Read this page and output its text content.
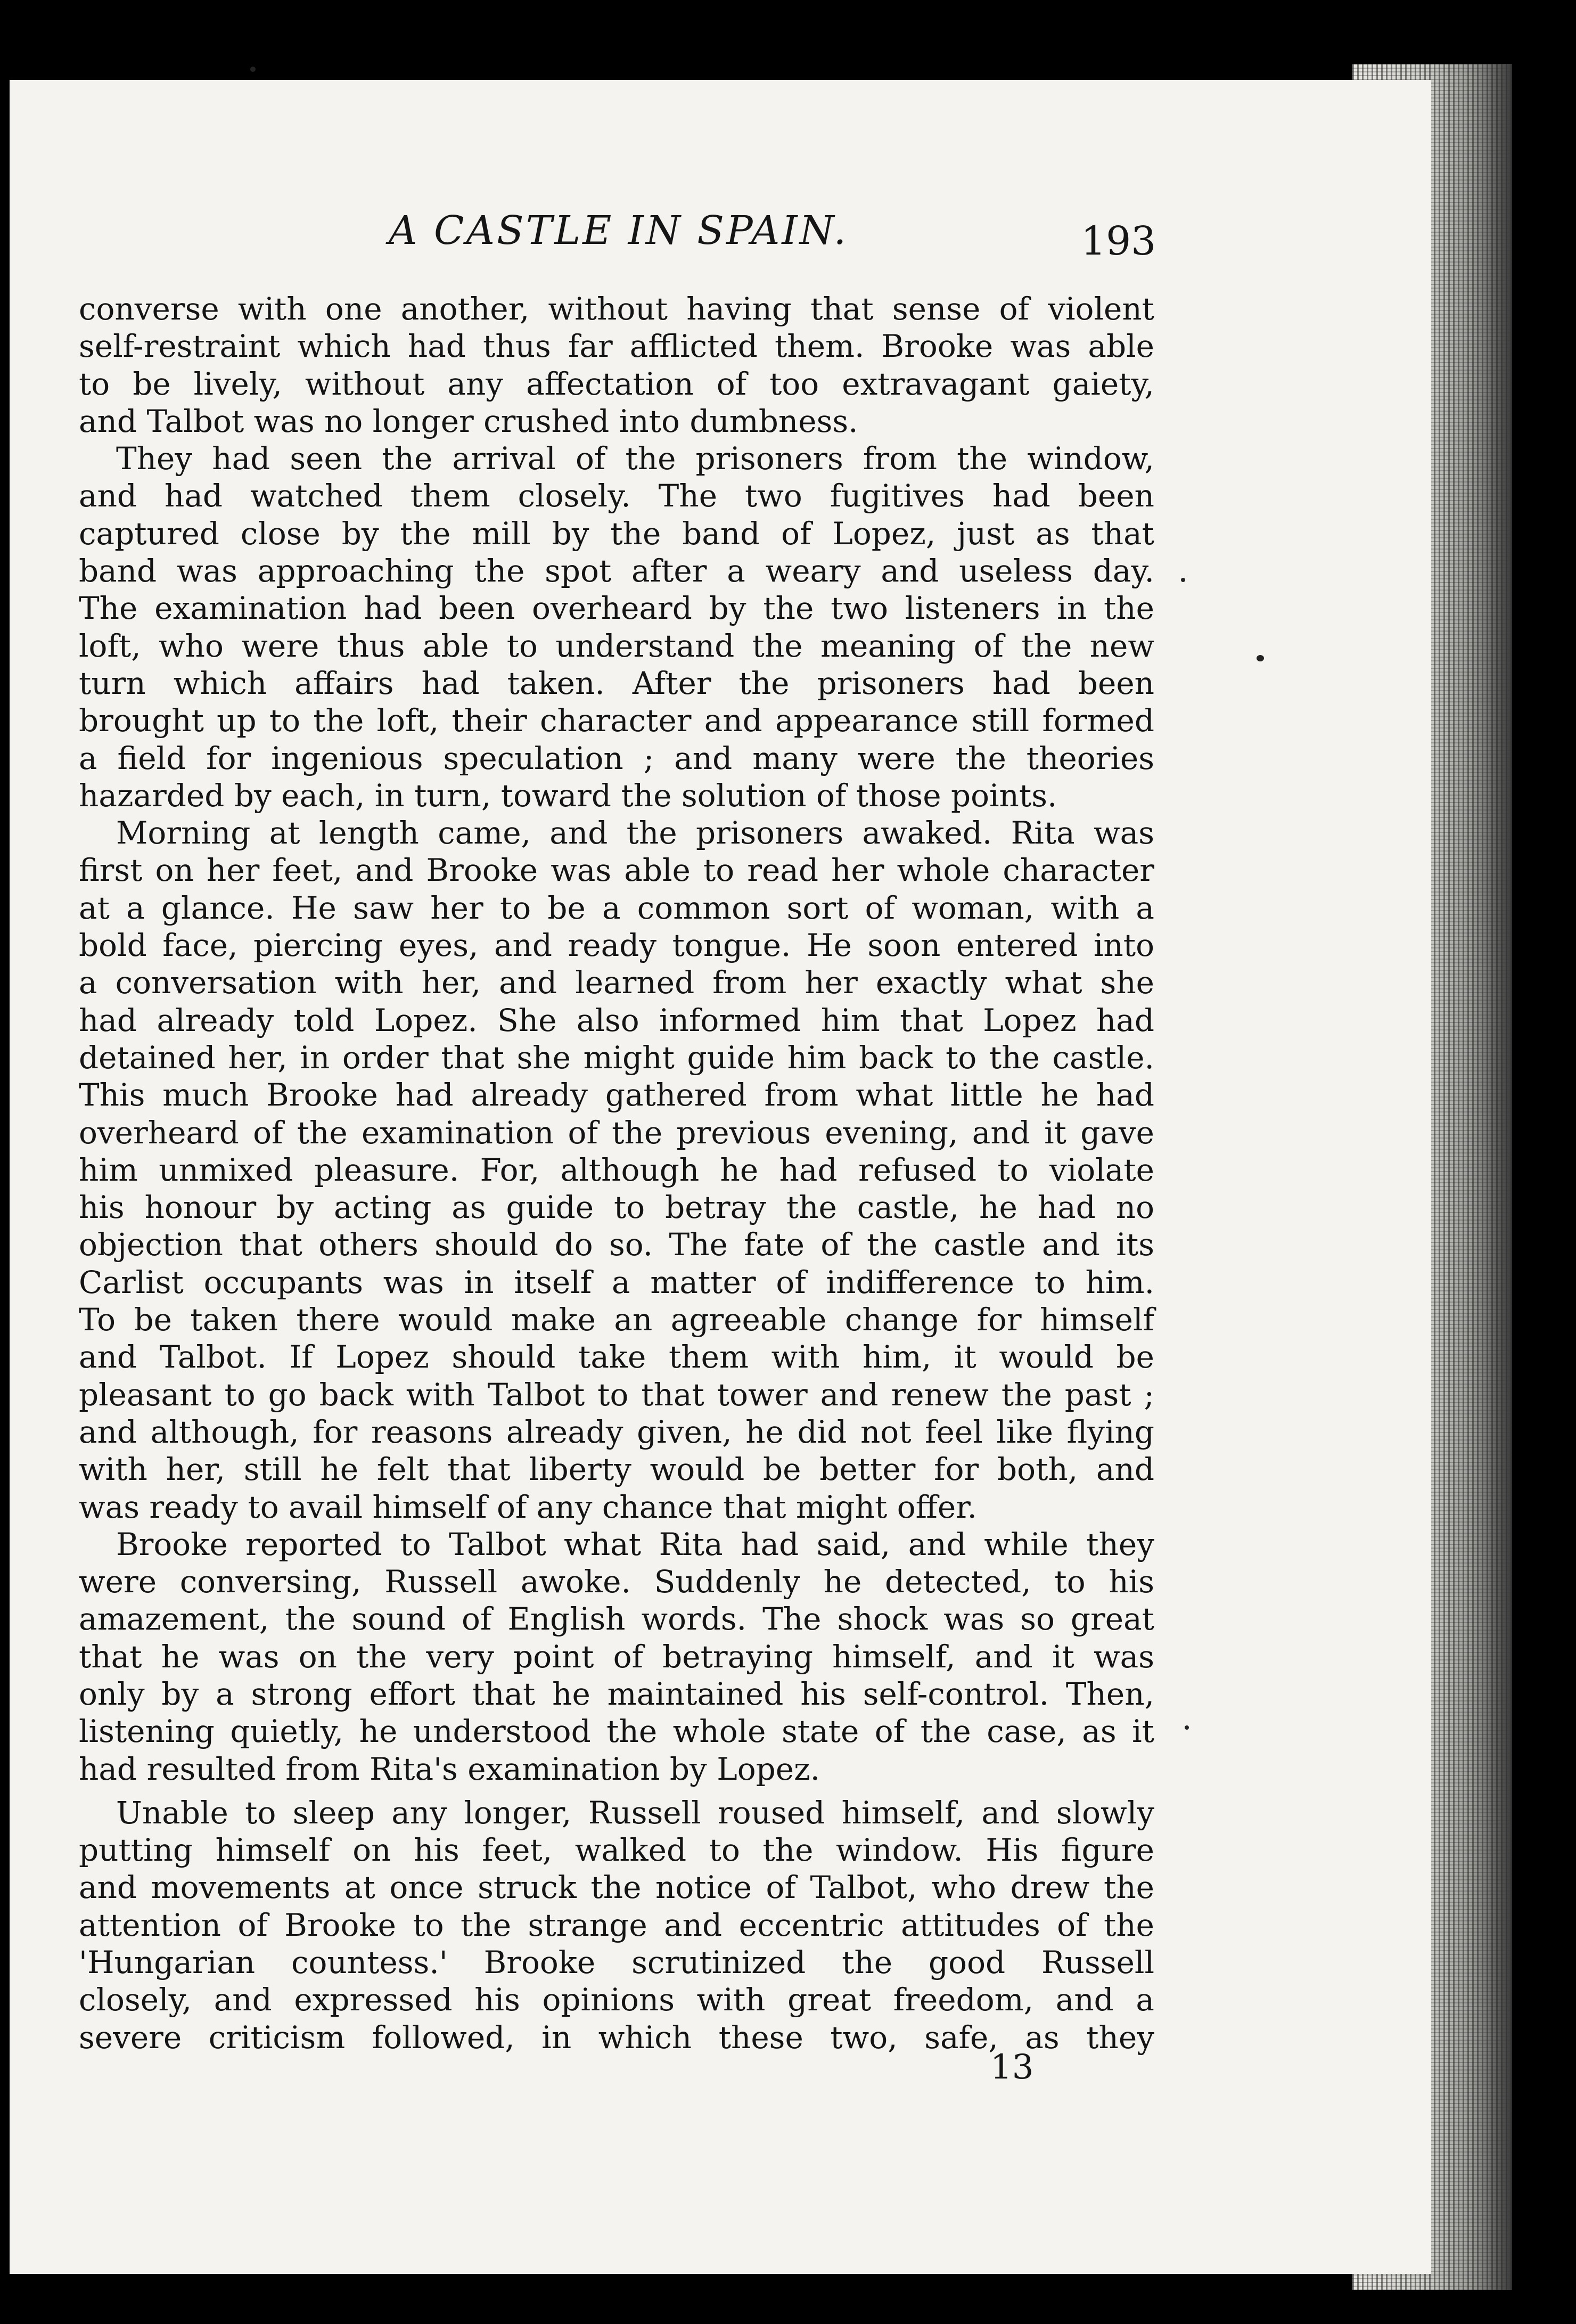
A CASTLE IN SPAIN.	193

converse with one another, without having that sense of violent
self-restraint which had thus far afflicted them. Brooke was able
to be lively, without any affectation of too extravagant gaiety,
and Talbot was no longer crushed into dumbness.

They had seen the arrival of the prisoners from the window,
and had watched them closely. The two fugitives had been
captured close by the mill by the band of Lopez, just as that
band was approaching the spot after a weary and useless day.
The examination had been overheard by the two listeners in the
loft, who were thus able to understand the meaning of the new
turn which affairs had taken. After the prisoners had been
brought up to the loft, their character and appearance still formed
a field for ingenious speculation ; and many were the theories
hazarded by each, in turn, toward the solution of those points.

Morning at length came, and the prisoners awaked. Rita was
first on her feet, and Brooke was able to read her whole character
at a glance. He saw her to be a common sort of woman, with a
bold face, piercing eyes, and ready tongue. He soon entered into
a conversation with her, and learned from her exactly what she
had already told Lopez. She also informed him that Lopez had
detained her, in order that she might guide him back to the castle.
This much Brooke had already gathered from what little he had
overheard of the examination of the previous evening, and it gave
him unmixed pleasure. For, although he had refused to violate
his honour by acting as guide to betray the castle, he had no
objection that others should do so. The fate of the castle and its
Carlist occupants was in itself a matter of indifference to him.
To be taken there would make an agreeable change for himself
and Talbot. If Lopez should take them with him, it would be
pleasant to go back with Talbot to that tower and renew the past ;
and although, for reasons already given, he did not feel like flying
with her, still he felt that liberty would be better for both, and
was ready to avail himself of any chance that might offer.

Brooke reported to Talbot what Rita had said, and while they
were conversing, Russell awoke. Suddenly he detected, to his
amazement, the sound of English words. The shock was so great
that he was on the very point of betraying himself, and it was
only by a strong effort that he maintained his self-control. Then,
listening quietly, he understood the whole state of the case, as it
had resulted from Rita's examination by Lopez.

Unable to sleep any longer, Russell roused himself, and slowly
putting himself on his feet, walked to the window. His figure
and movements at once struck the notice of Talbot, who drew the
attention of Brooke to the strange and eccentric attitudes of the
'Hungarian countess.' Brooke scrutinized the good Russell
closely, and expressed his opinions with great freedom, and a
severe criticism followed, in which these two, safe, as they

13
